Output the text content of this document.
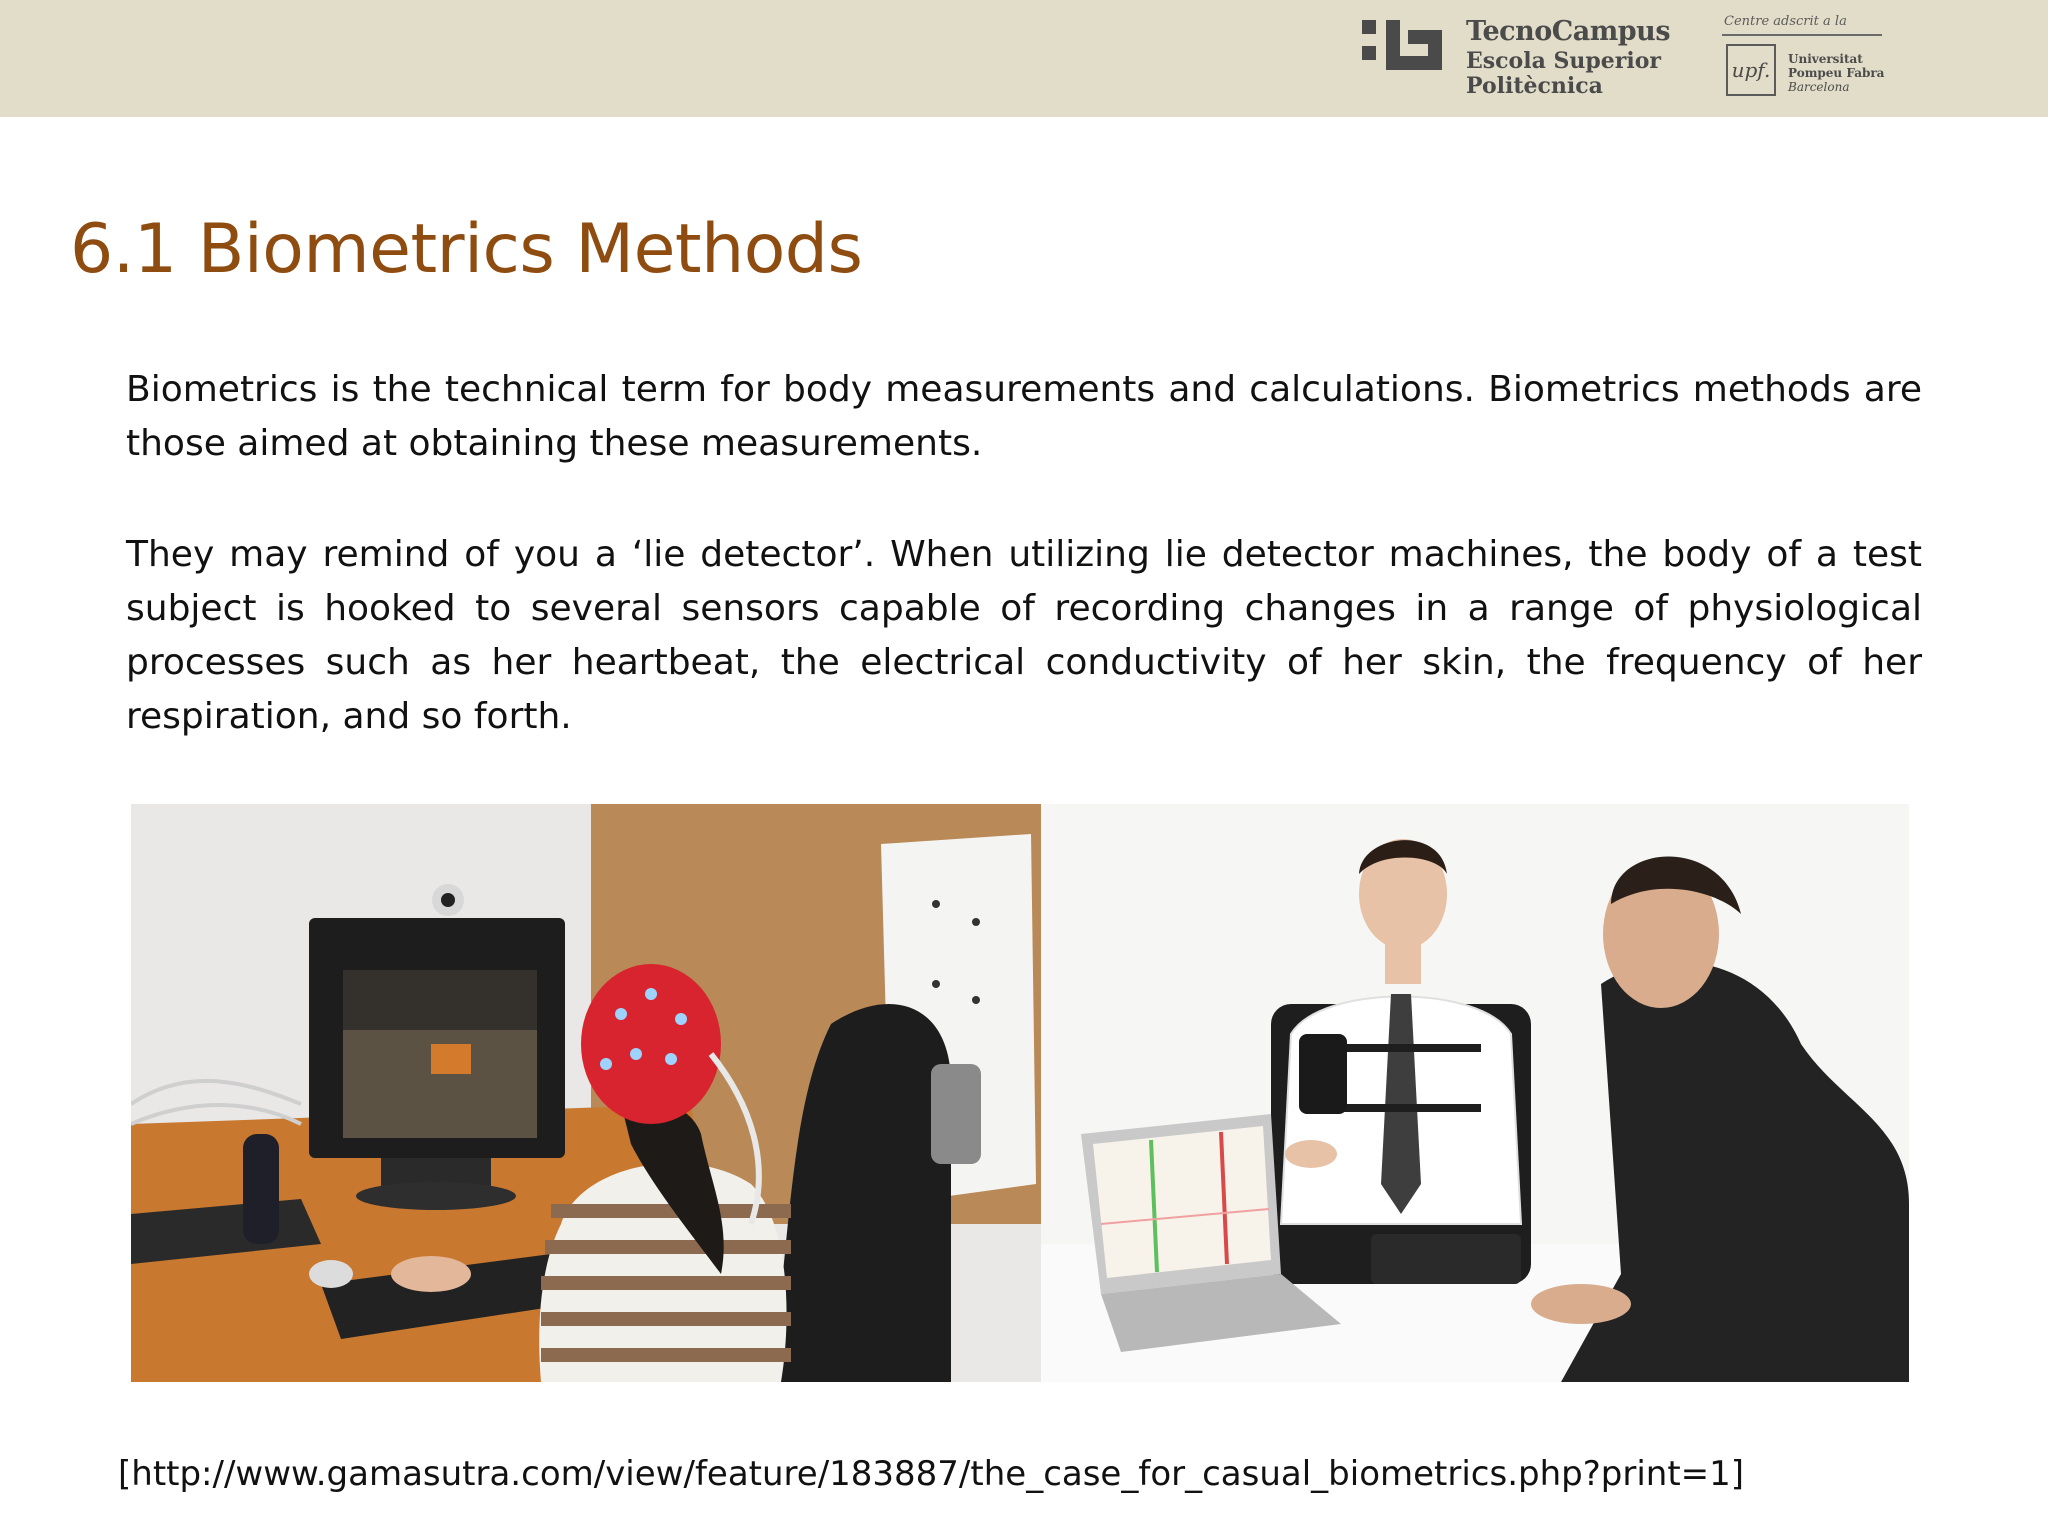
TecnoCampus
Escola Superior
Politècnica
Centre adscrit a la
upf.	Universitat
Pompeu Fabra
Barcelona
6.1 Biometrics Methods
Biometrics is the technical term for body measurements and calculations. Biometrics methods are those aimed at obtaining these measurements.
They may remind of you a ‘lie detector’. When utilizing lie detector machines, the body of a test subject is hooked to several sensors capable of recording changes in a range of physiological processes such as her heartbeat, the electrical conductivity of her skin, the frequency of her respiration, and so forth.
[http://www.gamasutra.com/view/feature/183887/the_case_for_casual_biometrics.php?print=1]
